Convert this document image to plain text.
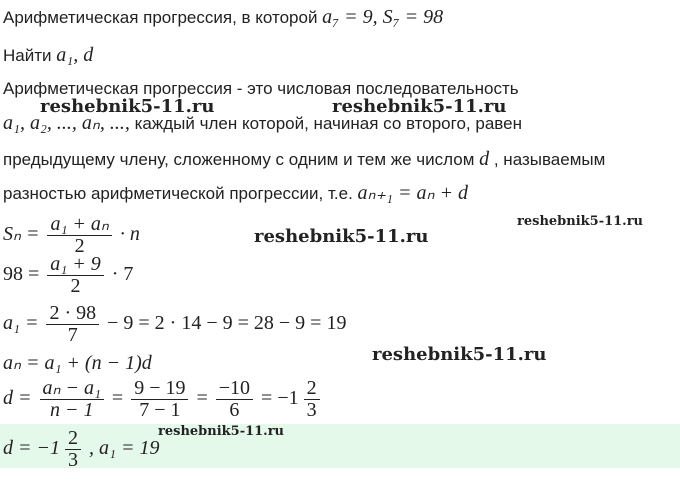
Арифметическая прогрессия, в которой a₇ = 9, S₇ = 98
Найти a₁, d
Арифметическая прогрессия - это числовая последовательность
a₁, a₂, ..., aₙ, ..., каждый член которой, начиная со второго, равен
предыдущему члену, сложенному с одним и тем же числом d , называемым
разностью арифметической прогрессии, т.е. aₙ₊₁ = aₙ + d
$S_n = \frac{\text{a₁ + aₙ}}{2} \cdot n$
$98 = \frac{\text{a₁ + 9}}{2} \cdot 7$
$a_1 = \frac{2 \cdot 98}{7} - 9 = 2 \cdot 14 - 9 = 28 - 9 = 19$
aₙ = a₁ + (n − 1)d
$d = \frac{\text{aₙ − a₁}}{n - 1} = \frac{9 - 19}{7 - 1} = \frac{-10}{6} = -1 \frac{2}{3}$
$d = -1 \frac{2}{3}$ , a₁ = 19
reshebnik5-11.ru	reshebnik5-11.ru
reshebnik5-11.ru
reshebnik5-11.ru
reshebnik5-11.ru
reshebnik5-11.ru
